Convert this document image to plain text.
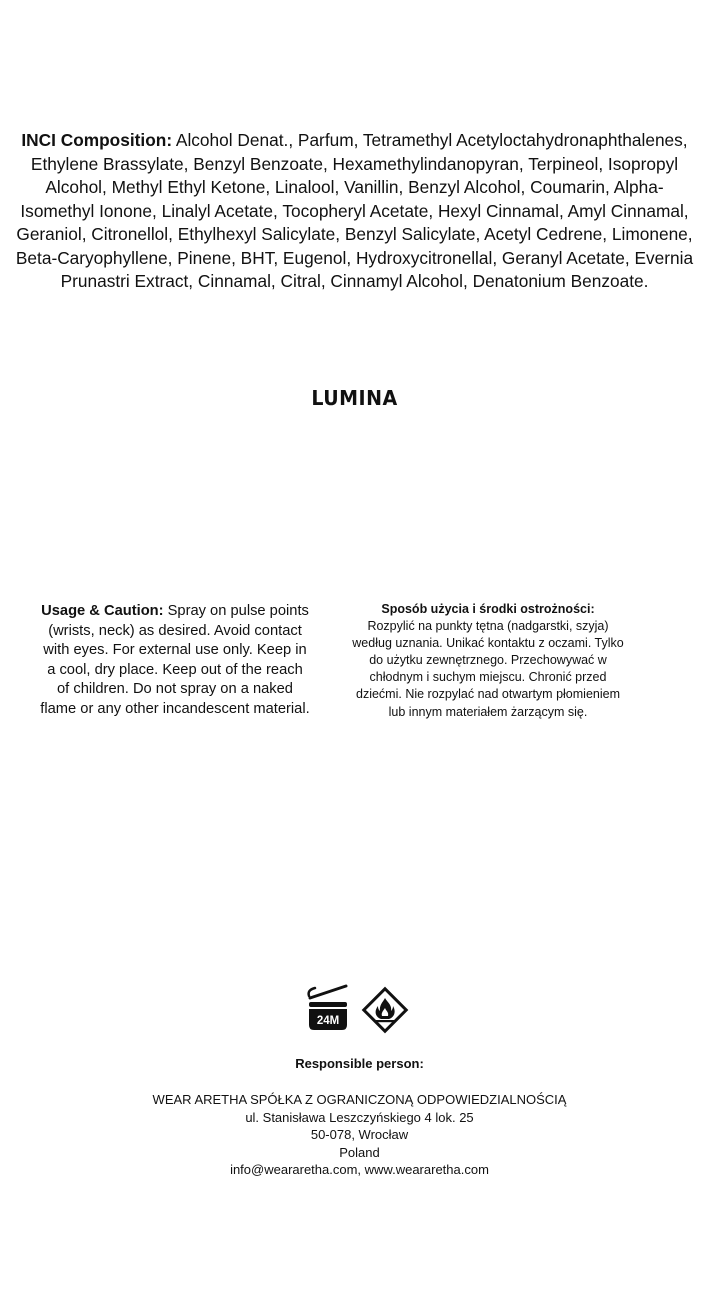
INCI Composition: Alcohol Denat., Parfum, Tetramethyl Acetyloctahydronaphthalenes, Ethylene Brassylate, Benzyl Benzoate, Hexamethylindanopyran, Terpineol, Isopropyl Alcohol, Methyl Ethyl Ketone, Linalool, Vanillin, Benzyl Alcohol, Coumarin, Alpha-Isomethyl Ionone, Linalyl Acetate, Tocopheryl Acetate, Hexyl Cinnamal, Amyl Cinnamal, Geraniol, Citronellol, Ethylhexyl Salicylate, Benzyl Salicylate, Acetyl Cedrene, Limonene, Beta-Caryophyllene, Pinene, BHT, Eugenol, Hydroxycitronellal, Geranyl Acetate, Evernia Prunastri Extract, Cinnamal, Citral, Cinnamyl Alcohol, Denatonium Benzoate.

LUMINA

Usage & Caution: Spray on pulse points (wrists, neck) as desired. Avoid contact with eyes. For external use only. Keep in a cool, dry place. Keep out of the reach of children. Do not spray on a naked flame or any other incandescent material.

Sposób użycia i środki ostrożności:
Rozpylić na punkty tętna (nadgarstki, szyja) według uznania. Unikać kontaktu z oczami. Tylko do użytku zewnętrznego. Przechowywać w chłodnym i suchym miejscu. Chronić przed dziećmi. Nie rozpylać nad otwartym płomieniem lub innym materiałem żarzącym się.

24M
Responsible person:
WEAR ARETHA SPÓŁKA Z OGRANICZONĄ ODPOWIEDZIALNOŚCIĄ
ul. Stanisława Leszczyńskiego 4 lok. 25
50-078, Wrocław
Poland
info@weararetha.com, www.weararetha.com
